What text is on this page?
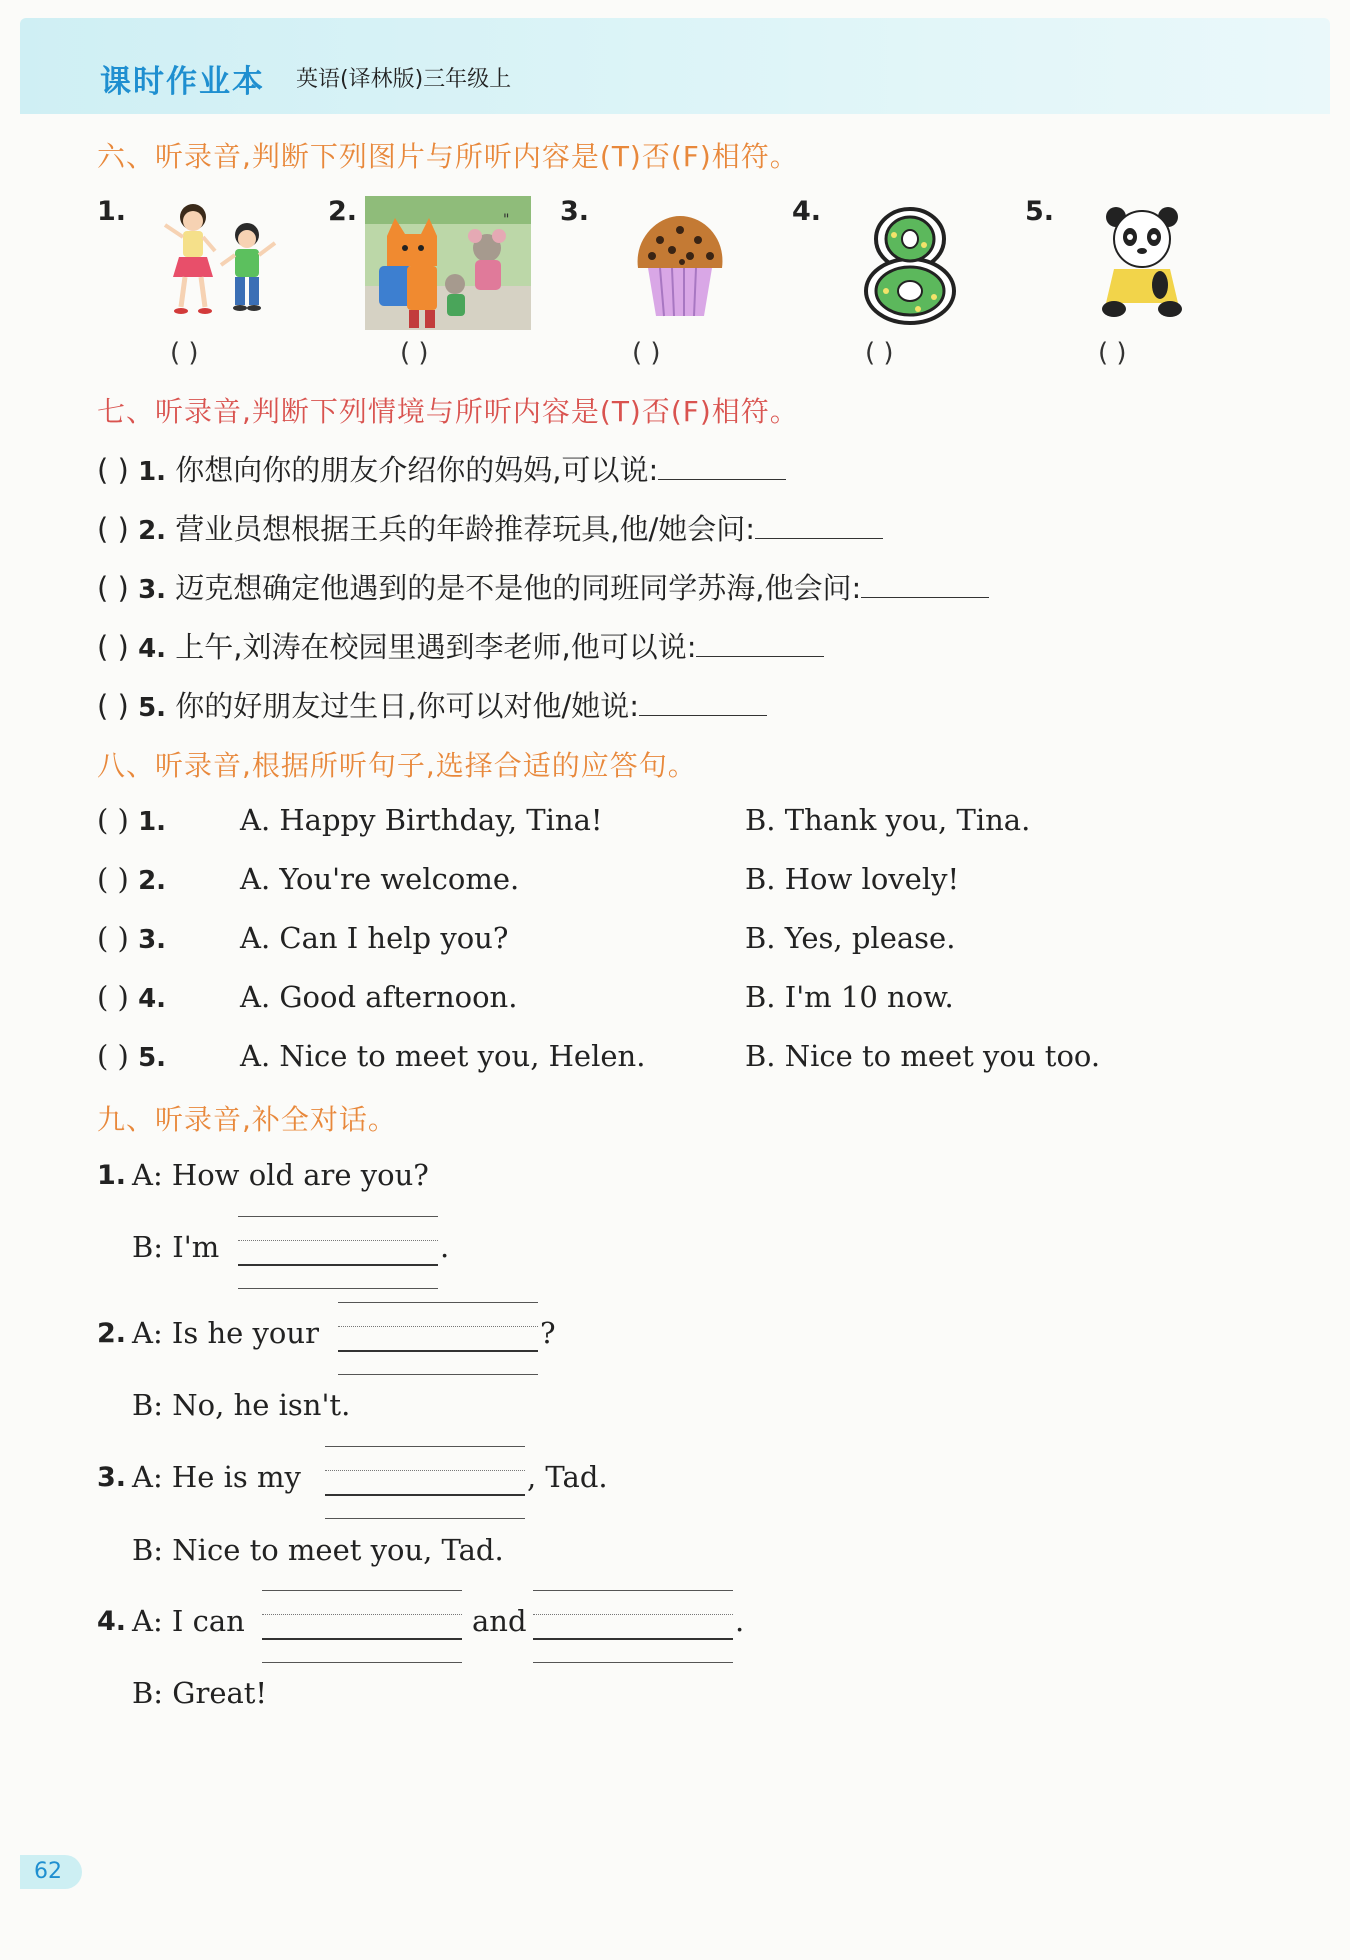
课时作业本 英语(译林版)三年级上
六、听录音,判断下列图片与所听内容是(T)否(F)相符。
1.	2.	3.	4.	5.
"
( )	( )	( )	( )	( )
七、听录音,判断下列情境与所听内容是(T)否(F)相符。
( ) 1. 你想向你的朋友介绍你的妈妈,可以说:
( ) 2. 营业员想根据王兵的年龄推荐玩具,他/她会问:
( ) 3. 迈克想确定他遇到的是不是他的同班同学苏海,他会问:
( ) 4. 上午,刘涛在校园里遇到李老师,他可以说:
( ) 5. 你的好朋友过生日,你可以对他/她说:
八、听录音,根据所听句子,选择合适的应答句。
( ) 1.	A. Happy Birthday, Tina!	B. Thank you, Tina.
( ) 2.	A. You're welcome.	B. How lovely!
( ) 3.	A. Can I help you?	B. Yes, please.
( ) 4.	A. Good afternoon.	B. I'm 10 now.
( ) 5.	A. Nice to meet you, Helen.	B. Nice to meet you too.
九、听录音,补全对话。
1. A: How old are you?
B: I'm	.
2. A: Is he your	?
B: No, he isn't.
3. A: He is my	, Tad.
B: Nice to meet you, Tad.
4. A: I can	and	.
B: Great!
62
